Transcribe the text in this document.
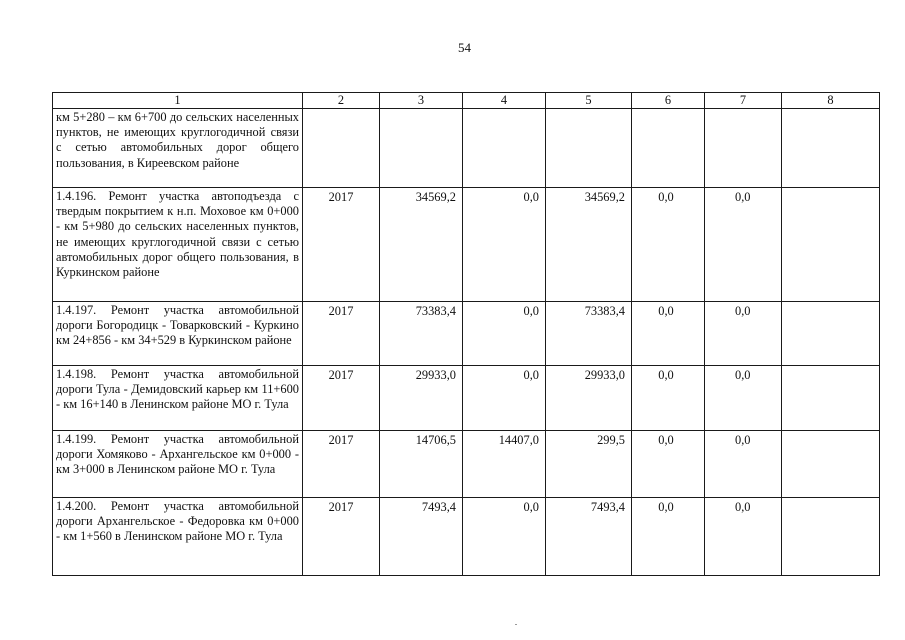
54
1	2	3	4	5	6	7	8
км 5+280 – км 6+700 до сельских населенных пунктов, не имеющих круглогодичной связи с сетью автомобильных дорог общего пользования, в Киреевском районе							
1.4.196. Ремонт участка автоподъезда с твердым покрытием к н.п. Моховое км 0+000 - км 5+980 до сельских населенных пунктов, не имеющих круглогодичной связи с сетью автомобильных дорог общего пользования, в Куркинском районе	2017	34569,2	0,0	34569,2	0,0	0,0	
1.4.197. Ремонт участка автомобильной дороги Богородицк - Товарковский - Куркино км 24+856 - км 34+529 в Куркинском районе	2017	73383,4	0,0	73383,4	0,0	0,0	
1.4.198. Ремонт участка автомобильной дороги Тула - Демидовский карьер км 11+600 - км 16+140 в Ленинском районе МО г. Тула	2017	29933,0	0,0	29933,0	0,0	0,0	
1.4.199. Ремонт участка автомобильной дороги Хомяково - Архангельское км 0+000 - км 3+000 в Ленинском районе МО г. Тула	2017	14706,5	14407,0	299,5	0,0	0,0	
1.4.200. Ремонт участка автомобильной дороги Архангельское - Федоровка км 0+000 - км 1+560 в Ленинском районе МО г. Тула	2017	7493,4	0,0	7493,4	0,0	0,0	
